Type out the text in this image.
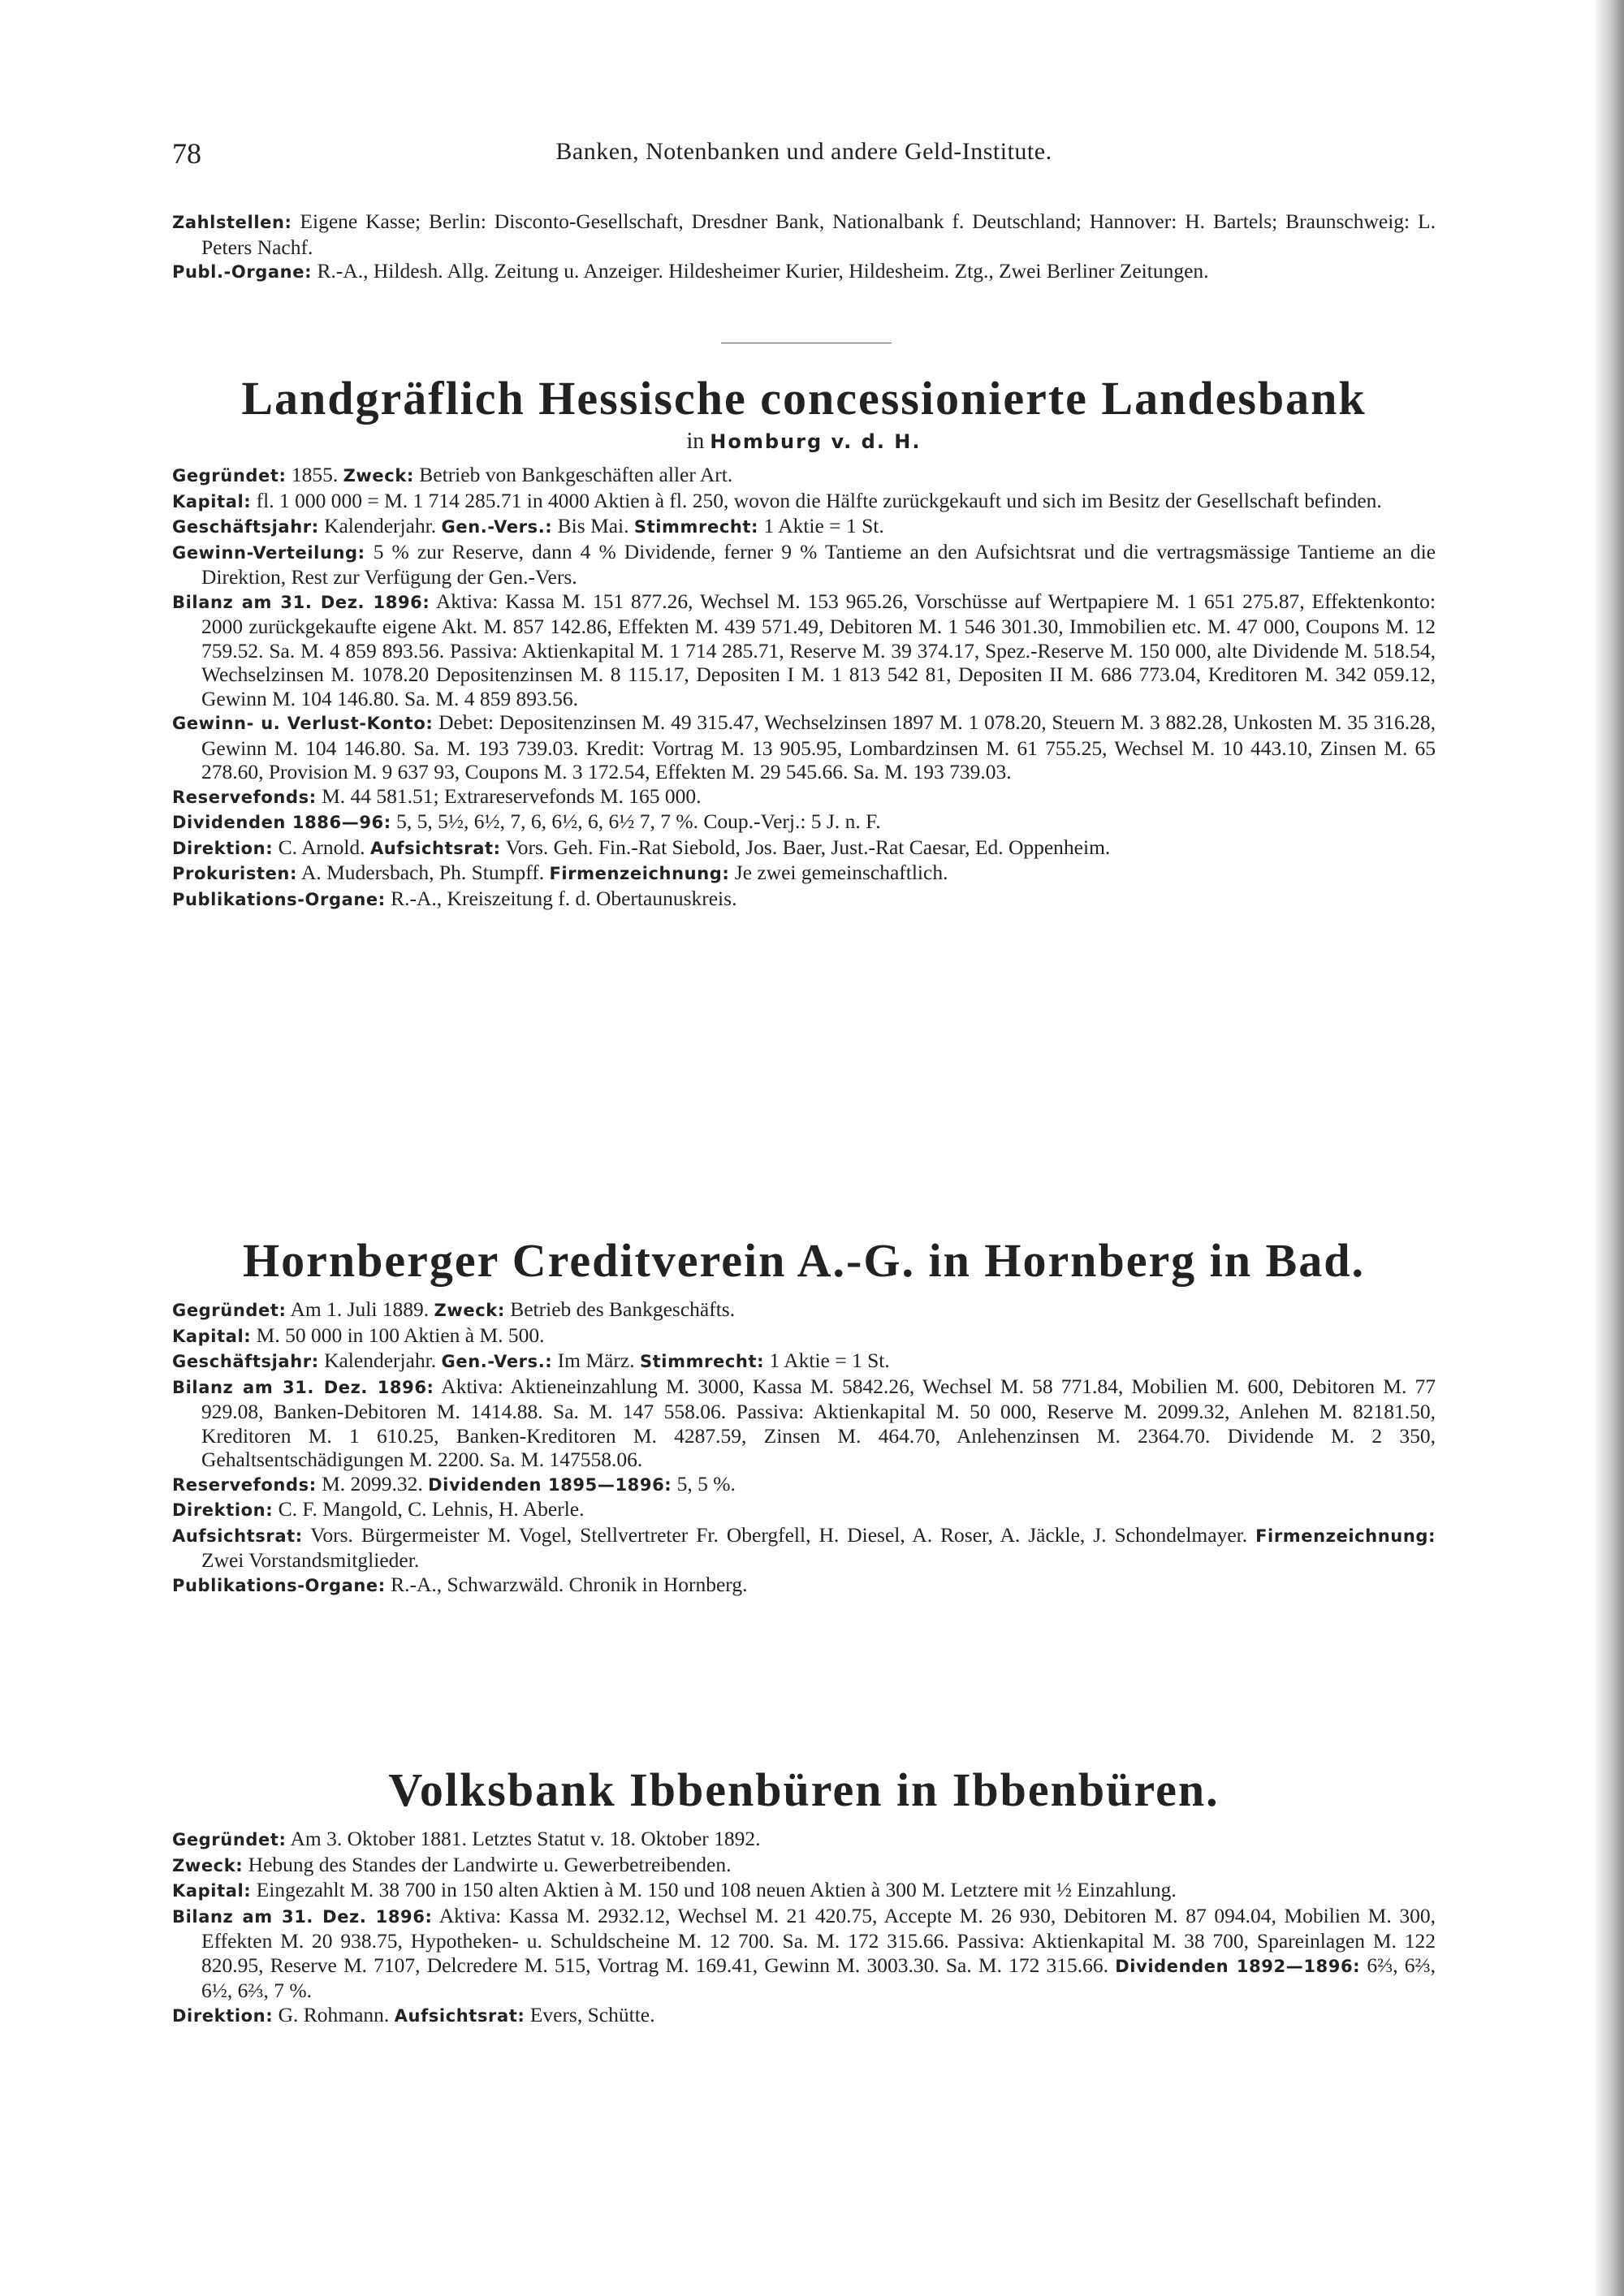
78	Banken, Notenbanken und andere Geld-Institute.

Zahlstellen: Eigene Kasse; Berlin: Disconto-Gesellschaft, Dresdner Bank, Nationalbank f. Deutschland; Hannover: H. Bartels; Braunschweig: L. Peters Nachf.

Publ.-Organe: R.-A., Hildesh. Allg. Zeitung u. Anzeiger. Hildesheimer Kurier, Hildesheim. Ztg., Zwei Berliner Zeitungen.

Landgräflich Hessische concessionierte Landesbank
in Homburg v. d. H.

Gegründet: 1855. Zweck: Betrieb von Bankgeschäften aller Art.

Kapital: fl. 1 000 000 = M. 1 714 285.71 in 4000 Aktien à fl. 250, wovon die Hälfte zurückgekauft und sich im Besitz der Gesellschaft befinden.

Geschäftsjahr: Kalenderjahr. Gen.-Vers.: Bis Mai. Stimmrecht: 1 Aktie = 1 St.

Gewinn-Verteilung: 5 % zur Reserve, dann 4 % Dividende, ferner 9 % Tantieme an den Aufsichtsrat und die vertragsmässige Tantieme an die Direktion, Rest zur Verfügung der Gen.-Vers.

Bilanz am 31. Dez. 1896: Aktiva: Kassa M. 151 877.26, Wechsel M. 153 965.26, Vorschüsse auf Wertpapiere M. 1 651 275.87, Effektenkonto: 2000 zurückgekaufte eigene Akt. M. 857 142.86, Effekten M. 439 571.49, Debitoren M. 1 546 301.30, Immobilien etc. M. 47 000, Coupons M. 12 759.52. Sa. M. 4 859 893.56. Passiva: Aktienkapital M. 1 714 285.71, Reserve M. 39 374.17, Spez.-Reserve M. 150 000, alte Dividende M. 518.54, Wechselzinsen M. 1078.20 Depositenzinsen M. 8 115.17, Depositen I M. 1 813 542 81, Depositen II M. 686 773.04, Kreditoren M. 342 059.12, Gewinn M. 104 146.80. Sa. M. 4 859 893.56.

Gewinn- u. Verlust-Konto: Debet: Depositenzinsen M. 49 315.47, Wechselzinsen 1897 M. 1 078.20, Steuern M. 3 882.28, Unkosten M. 35 316.28, Gewinn M. 104 146.80. Sa. M. 193 739.03. Kredit: Vortrag M. 13 905.95, Lombardzinsen M. 61 755.25, Wechsel M. 10 443.10, Zinsen M. 65 278.60, Provision M. 9 637 93, Coupons M. 3 172.54, Effekten M. 29 545.66. Sa. M. 193 739.03.

Reservefonds: M. 44 581.51; Extrareservefonds M. 165 000.

Dividenden 1886—96: 5, 5, 5½, 6½, 7, 6, 6½, 6, 6½ 7, 7 %. Coup.-Verj.: 5 J. n. F.

Direktion: C. Arnold. Aufsichtsrat: Vors. Geh. Fin.-Rat Siebold, Jos. Baer, Just.-Rat Caesar, Ed. Oppenheim.

Prokuristen: A. Mudersbach, Ph. Stumpff. Firmenzeichnung: Je zwei gemeinschaftlich.

Publikations-Organe: R.-A., Kreiszeitung f. d. Obertaunuskreis.

Hornberger Creditverein A.-G. in Hornberg in Bad.

Gegründet: Am 1. Juli 1889. Zweck: Betrieb des Bankgeschäfts.

Kapital: M. 50 000 in 100 Aktien à M. 500.

Geschäftsjahr: Kalenderjahr. Gen.-Vers.: Im März. Stimmrecht: 1 Aktie = 1 St.

Bilanz am 31. Dez. 1896: Aktiva: Aktieneinzahlung M. 3000, Kassa M. 5842.26, Wechsel M. 58 771.84, Mobilien M. 600, Debitoren M. 77 929.08, Banken-Debitoren M. 1414.88. Sa. M. 147 558.06. Passiva: Aktienkapital M. 50 000, Reserve M. 2099.32, Anlehen M. 82181.50, Kreditoren M. 1 610.25, Banken-Kreditoren M. 4287.59, Zinsen M. 464.70, Anlehenzinsen M. 2364.70. Dividende M. 2 350, Gehaltsentschädigungen M. 2200. Sa. M. 147558.06.

Reservefonds: M. 2099.32. Dividenden 1895—1896: 5, 5 %.

Direktion: C. F. Mangold, C. Lehnis, H. Aberle.

Aufsichtsrat: Vors. Bürgermeister M. Vogel, Stellvertreter Fr. Obergfell, H. Diesel, A. Roser, A. Jäckle, J. Schondelmayer. Firmenzeichnung: Zwei Vorstandsmitglieder.

Publikations-Organe: R.-A., Schwarzwäld. Chronik in Hornberg.

Volksbank Ibbenbüren in Ibbenbüren.

Gegründet: Am 3. Oktober 1881. Letztes Statut v. 18. Oktober 1892.

Zweck: Hebung des Standes der Landwirte u. Gewerbetreibenden.

Kapital: Eingezahlt M. 38 700 in 150 alten Aktien à M. 150 und 108 neuen Aktien à 300 M. Letztere mit ½ Einzahlung.

Bilanz am 31. Dez. 1896: Aktiva: Kassa M. 2932.12, Wechsel M. 21 420.75, Accepte M. 26 930, Debitoren M. 87 094.04, Mobilien M. 300, Effekten M. 20 938.75, Hypotheken- u. Schuldscheine M. 12 700. Sa. M. 172 315.66. Passiva: Aktienkapital M. 38 700, Spareinlagen M. 122 820.95, Reserve M. 7107, Delcredere M. 515, Vortrag M. 169.41, Gewinn M. 3003.30. Sa. M. 172 315.66. Dividenden 1892—1896: 6⅔, 6⅔, 6½, 6⅔, 7 %.

Direktion: G. Rohmann. Aufsichtsrat: Evers, Schütte.
